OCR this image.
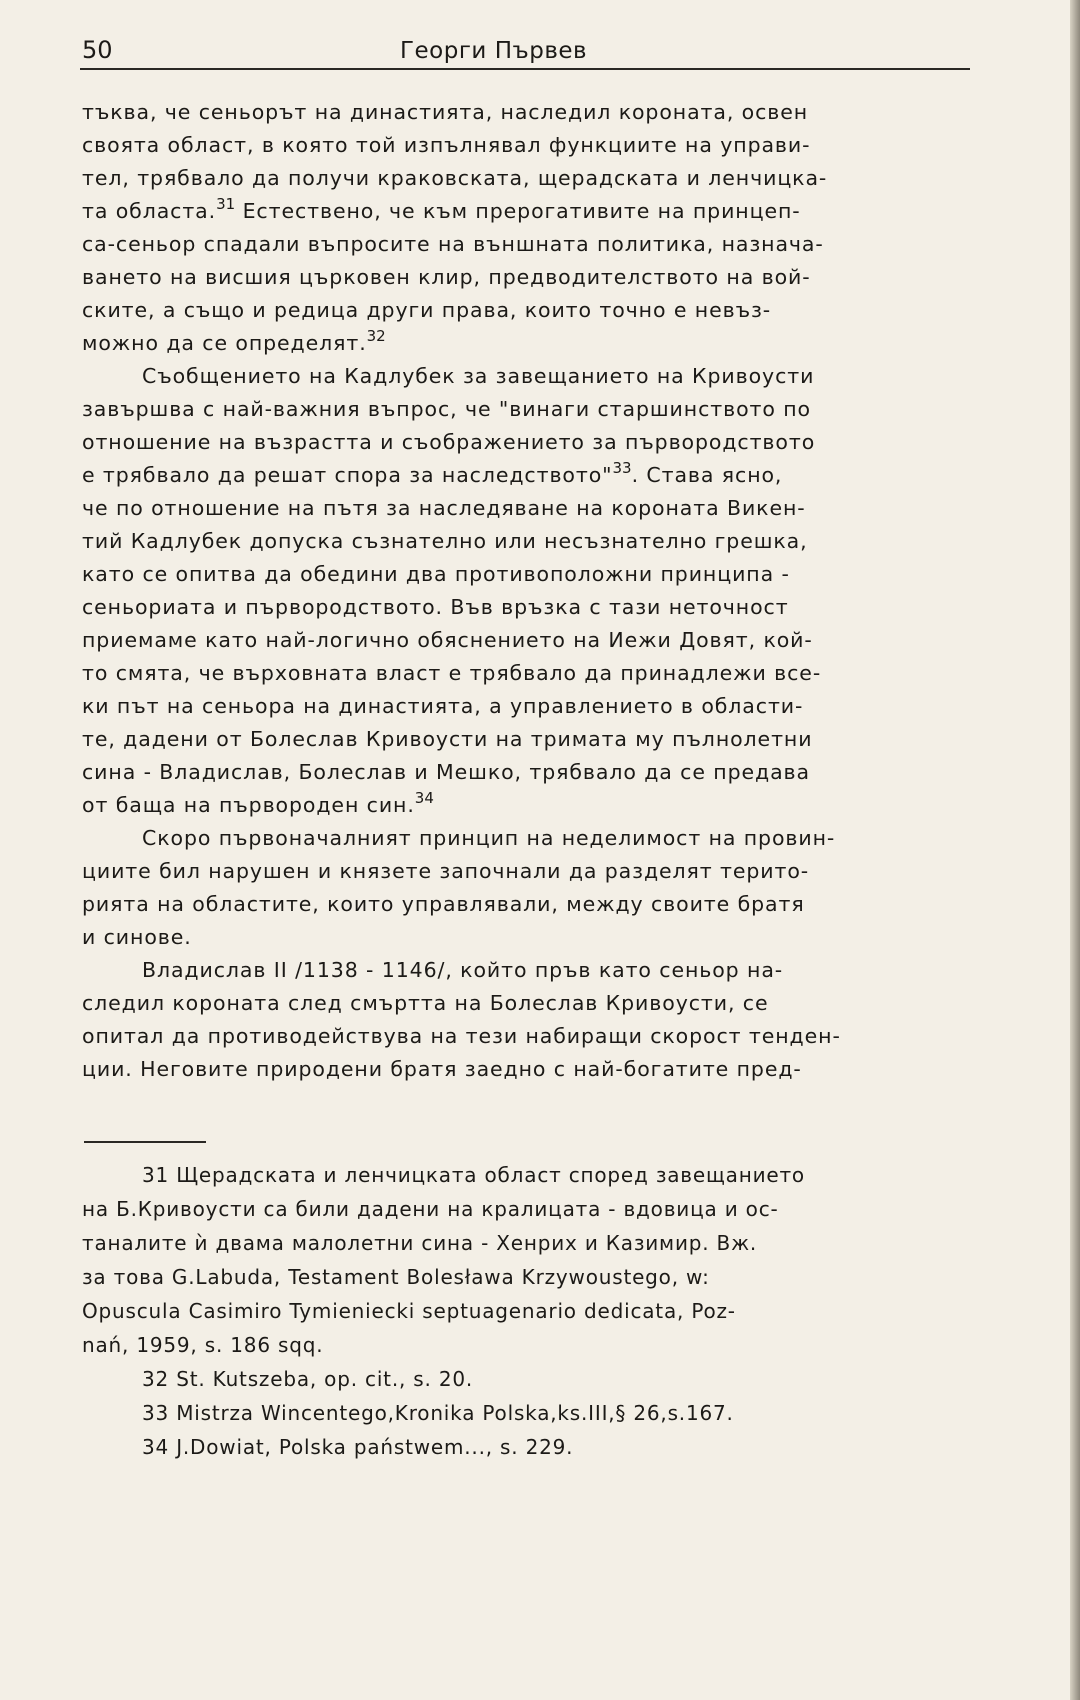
50	Георги Първев
тъква, че сеньорът на династията, наследил короната, освен
своята област, в която той изпълнявал функциите на управи-
тел, трябвало да получи краковската, щерадската и ленчицка-
та областа.$^{31}$ Естествено, че към прерогативите на принцеп-
са-сеньор спадали въпросите на външната политика, назнача-
ването на висшия църковен клир, предводителството на вой-
ските, а също и редица други права, които точно е невъз-
можно да се определят.$^{32}$
Съобщението на Кадлубек за завещанието на Кривоусти
завършва с най-важния въпрос, че "винаги старшинството по
отношение на възрастта и съображението за първородството
е трябвало да решат спора за наследството"$^{33}$. Става ясно,
че по отношение на пътя за наследяване на короната Викен-
тий Кадлубек допуска съзнателно или несъзнателно грешка,
като се опитва да обедини два противоположни принципа -
сеньориата и първородството. Във връзка с тази неточност
приемаме като най-логично обяснението на Иежи Довят, кой-
то смята, че върховната власт е трябвало да принадлежи все-
ки път на сеньора на династията, а управлението в области-
те, дадени от Болеслав Кривоусти на тримата му пълнолетни
сина - Владислав, Болеслав и Мешко, трябвало да се предава
от баща на първороден син.$^{34}$
Скоро първоначалният принцип на неделимост на провин-
циите бил нарушен и князете започнали да разделят терито-
рията на областите, които управлявали, между своите братя
и синове.
Владислав II /1138 - 1146/, който пръв като сеньор на-
следил короната след смъртта на Болеслав Кривоусти, се
опитал да противодействува на тези набиращи скорост тенден-
ции. Неговите природени братя заедно с най-богатите пред-
31 Щерадската и ленчицката област според завещанието
на Б.Кривоусти са били дадени на кралицата - вдовица и ос-
таналите ѝ двама малолетни сина - Хенрих и Казимир. Вж.
за това G.Labuda, Testament Bolesława Krzywoustego, w:
Opuscula Casimiro Tymieniecki septuagenario dedicata, Poz-
nań, 1959, s. 186 sqq.
32 St. Kutszeba, op. cit., s. 20.
33 Mistrza Wincentego,Kronika Polska,ks.III,§ 26,s.167.
34 J.Dowiat, Polska państwem..., s. 229.
